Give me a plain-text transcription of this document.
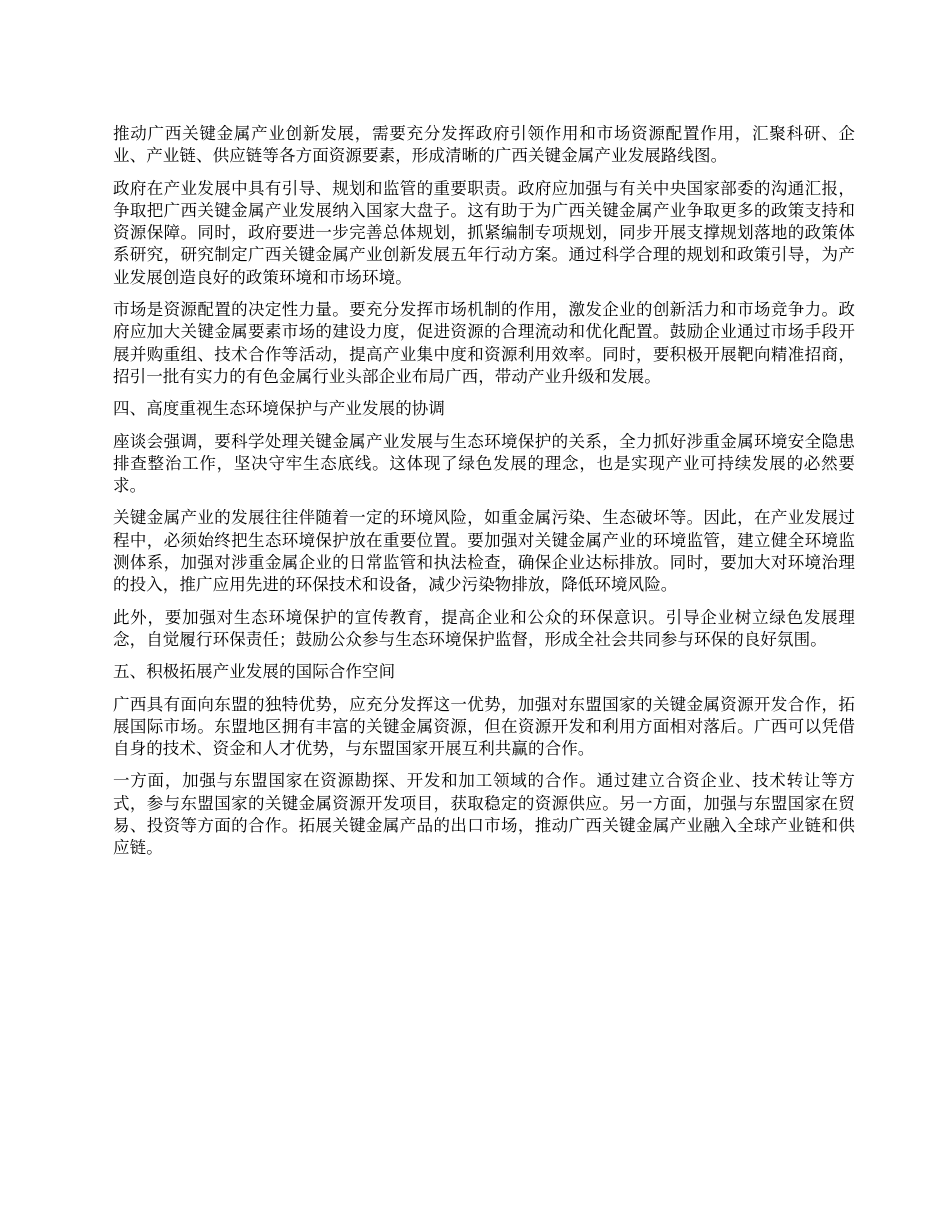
推动广西关键金属产业创新发展，需要充分发挥政府引领作用和市场资源配置作用，汇聚科研、企业、产业链、供应链等各方面资源要素，形成清晰的广西关键金属产业发展路线图。

政府在产业发展中具有引导、规划和监管的重要职责。政府应加强与有关中央国家部委的沟通汇报，争取把广西关键金属产业发展纳入国家大盘子。这有助于为广西关键金属产业争取更多的政策支持和资源保障。同时，政府要进一步完善总体规划，抓紧编制专项规划，同步开展支撑规划落地的政策体系研究，研究制定广西关键金属产业创新发展五年行动方案。通过科学合理的规划和政策引导，为产业发展创造良好的政策环境和市场环境。

市场是资源配置的决定性力量。要充分发挥市场机制的作用，激发企业的创新活力和市场竞争力。政府应加大关键金属要素市场的建设力度，促进资源的合理流动和优化配置。鼓励企业通过市场手段开展并购重组、技术合作等活动，提高产业集中度和资源利用效率。同时，要积极开展靶向精准招商，招引一批有实力的有色金属行业头部企业布局广西，带动产业升级和发展。

四、高度重视生态环境保护与产业发展的协调

座谈会强调，要科学处理关键金属产业发展与生态环境保护的关系，全力抓好涉重金属环境安全隐患排查整治工作，坚决守牢生态底线。这体现了绿色发展的理念，也是实现产业可持续发展的必然要求。

关键金属产业的发展往往伴随着一定的环境风险，如重金属污染、生态破坏等。因此，在产业发展过程中，必须始终把生态环境保护放在重要位置。要加强对关键金属产业的环境监管，建立健全环境监测体系，加强对涉重金属企业的日常监管和执法检查，确保企业达标排放。同时，要加大对环境治理的投入，推广应用先进的环保技术和设备，减少污染物排放，降低环境风险。

此外，要加强对生态环境保护的宣传教育，提高企业和公众的环保意识。引导企业树立绿色发展理念，自觉履行环保责任；鼓励公众参与生态环境保护监督，形成全社会共同参与环保的良好氛围。

五、积极拓展产业发展的国际合作空间

广西具有面向东盟的独特优势，应充分发挥这一优势，加强对东盟国家的关键金属资源开发合作，拓展国际市场。东盟地区拥有丰富的关键金属资源，但在资源开发和利用方面相对落后。广西可以凭借自身的技术、资金和人才优势，与东盟国家开展互利共赢的合作。

一方面，加强与东盟国家在资源勘探、开发和加工领域的合作。通过建立合资企业、技术转让等方式，参与东盟国家的关键金属资源开发项目，获取稳定的资源供应。另一方面，加强与东盟国家在贸易、投资等方面的合作。拓展关键金属产品的出口市场，推动广西关键金属产业融入全球产业链和供应链。
